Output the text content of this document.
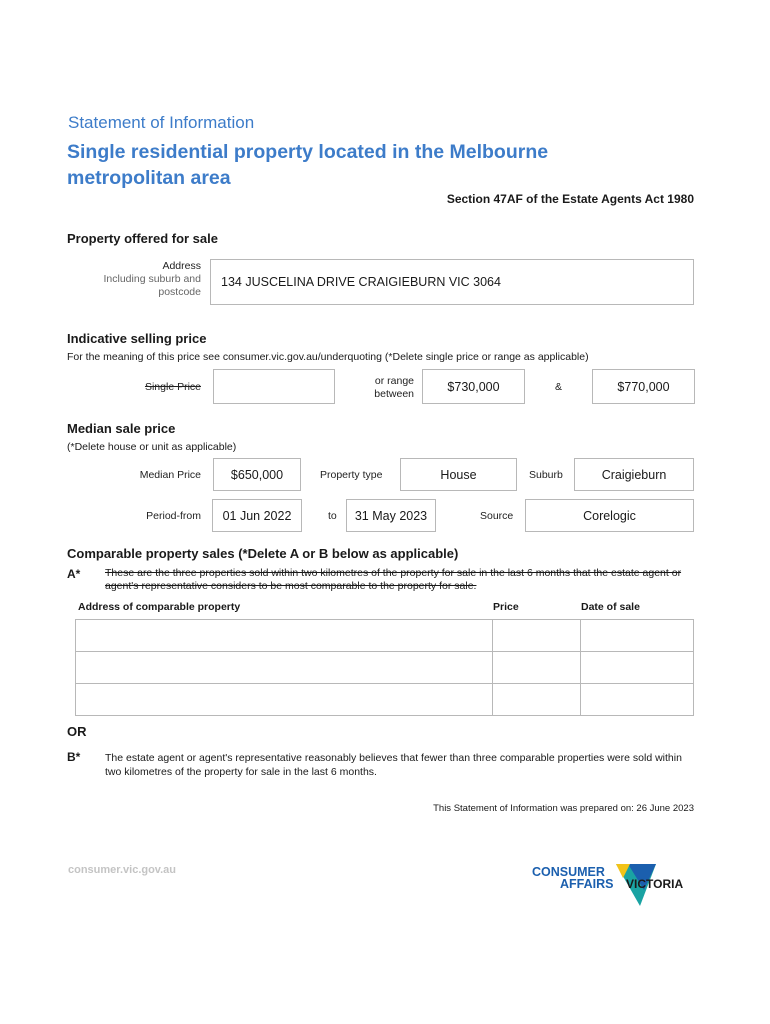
Statement of Information
Single residential property located in the Melbourne metropolitan area
Section 47AF of the Estate Agents Act 1980
Property offered for sale
Address
Including suburb and
postcode
134 JUSCELINA DRIVE CRAIGIEBURN VIC 3064
Indicative selling price
For the meaning of this price see consumer.vic.gov.au/underquoting (*Delete single price or range as applicable)
Single Price	or range
between
$730,000	&	$770,000
Median sale price
(*Delete house or unit as applicable)
Median Price $650,000	Property type	House	Suburb	Craigieburn
Period-from 01 Jun 2022	to 31 May 2023	Source	Corelogic
Comparable property sales (*Delete A or B below as applicable)
A* These are the three properties sold within two kilometres of the property for sale in the last 6 months that the estate agent or agent's representative considers to be most comparable to the property for sale.
Address of comparable property	Price	Date of sale

OR
B* The estate agent or agent's representative reasonably believes that fewer than three comparable properties were sold within two kilometres of the property for sale in the last 6 months.
This Statement of Information was prepared on: 26 June 2023
consumer.vic.gov.au	CONSUMER
AFFAIRS VICTORIA
